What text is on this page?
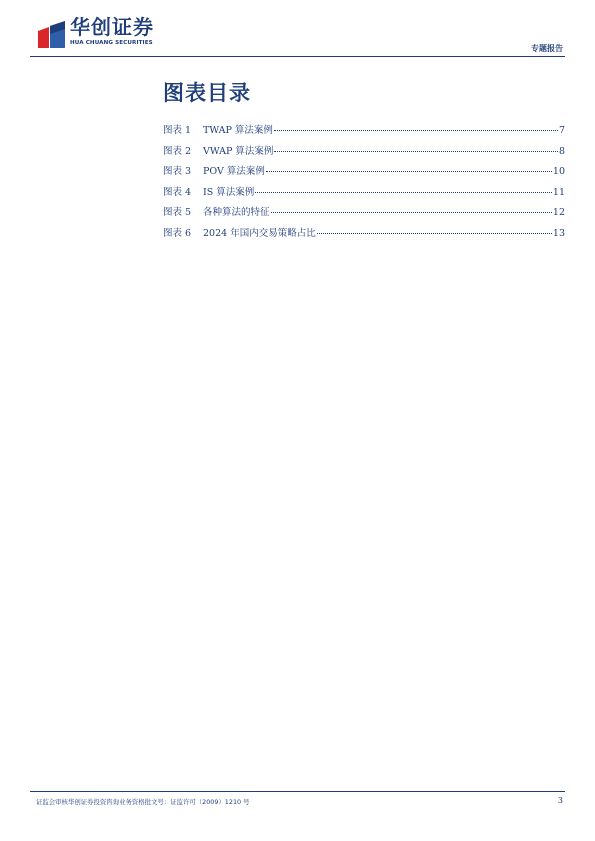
华创证券
HUA CHUANG SECURITIES
专题报告
图表目录
图表 1	TWAP 算法案例	7
图表 2	VWAP 算法案例	8
图表 3	POV 算法案例	10
图表 4	IS 算法案例	11
图表 5	各种算法的特征	12
图表 6	2024 年国内交易策略占比	13
证监会审核华创证券投资咨询业务资格批文号：证监许可（2009）1210 号	3
